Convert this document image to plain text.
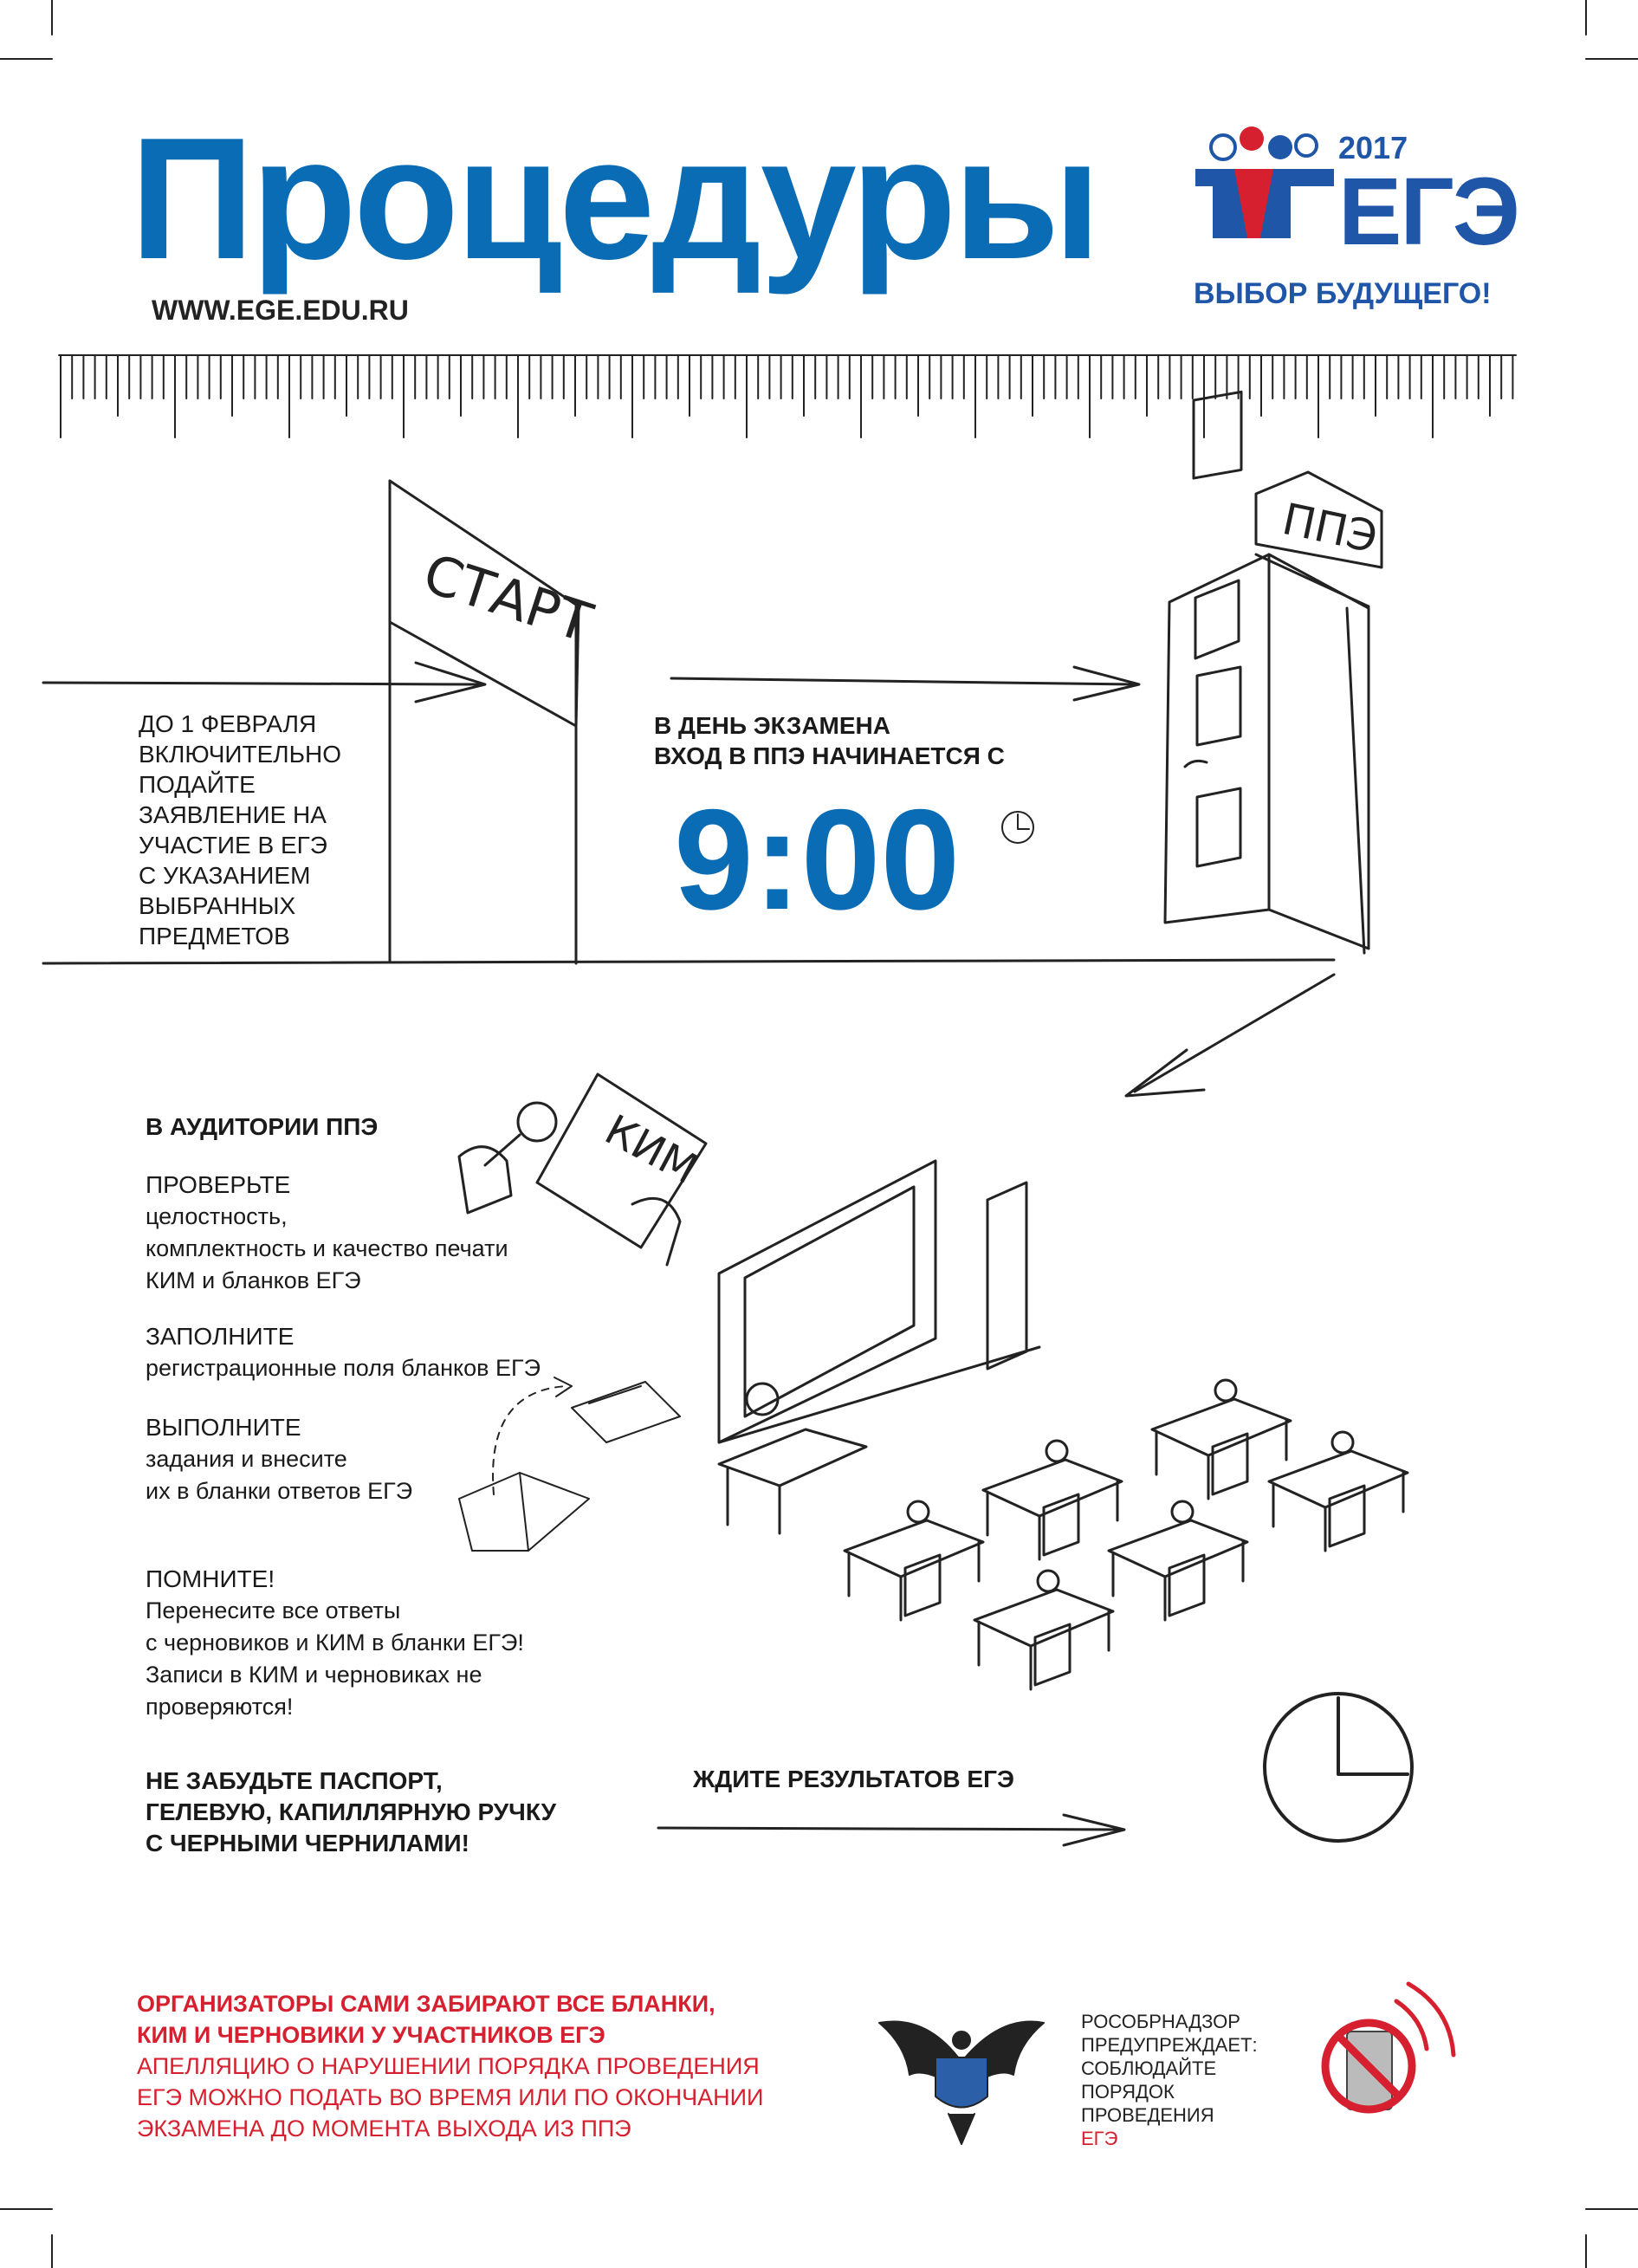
СТАРТ
ППЭ
КИМ
Процедуры
WWW.EGE.EDU.RU
2017
ЕГЭ
ВЫБОР БУДУЩЕГО!
ДО 1 ФЕВРАЛЯ
ВКЛЮЧИТЕЛЬНО
ПОДАЙТЕ
ЗАЯВЛЕНИЕ НА
УЧАСТИЕ В ЕГЭ
С УКАЗАНИЕМ
ВЫБРАННЫХ
ПРЕДМЕТОВ
В ДЕНЬ ЭКЗАМЕНА
ВХОД В ППЭ НАЧИНАЕТСЯ С
9:00
В АУДИТОРИИ ППЭ
ПРОВЕРЬТЕ
целостность,
комплектность и качество печати
КИМ и бланков ЕГЭ
ЗАПОЛНИТЕ
регистрационные поля бланков ЕГЭ
ВЫПОЛНИТЕ
задания и внесите
их в бланки ответов ЕГЭ
ПОМНИТЕ!
Перенесите все ответы
с черновиков и КИМ в бланки ЕГЭ!
Записи в КИМ и черновиках не
проверяются!
НЕ ЗАБУДЬТЕ ПАСПОРТ,
ГЕЛЕВУЮ, КАПИЛЛЯРНУЮ РУЧКУ
С ЧЕРНЫМИ ЧЕРНИЛАМИ!
ЖДИТЕ РЕЗУЛЬТАТОВ ЕГЭ
ОРГАНИЗАТОРЫ САМИ ЗАБИРАЮТ ВСЕ БЛАНКИ,
КИМ И ЧЕРНОВИКИ У УЧАСТНИКОВ ЕГЭ
АПЕЛЛЯЦИЮ О НАРУШЕНИИ ПОРЯДКА ПРОВЕДЕНИЯ
ЕГЭ МОЖНО ПОДАТЬ ВО ВРЕМЯ ИЛИ ПО ОКОНЧАНИИ
ЭКЗАМЕНА ДО МОМЕНТА ВЫХОДА ИЗ ППЭ
РОСОБРНАДЗОР
ПРЕДУПРЕЖДАЕТ:
СОБЛЮДАЙТЕ
ПОРЯДОК
ПРОВЕДЕНИЯ
ЕГЭ
